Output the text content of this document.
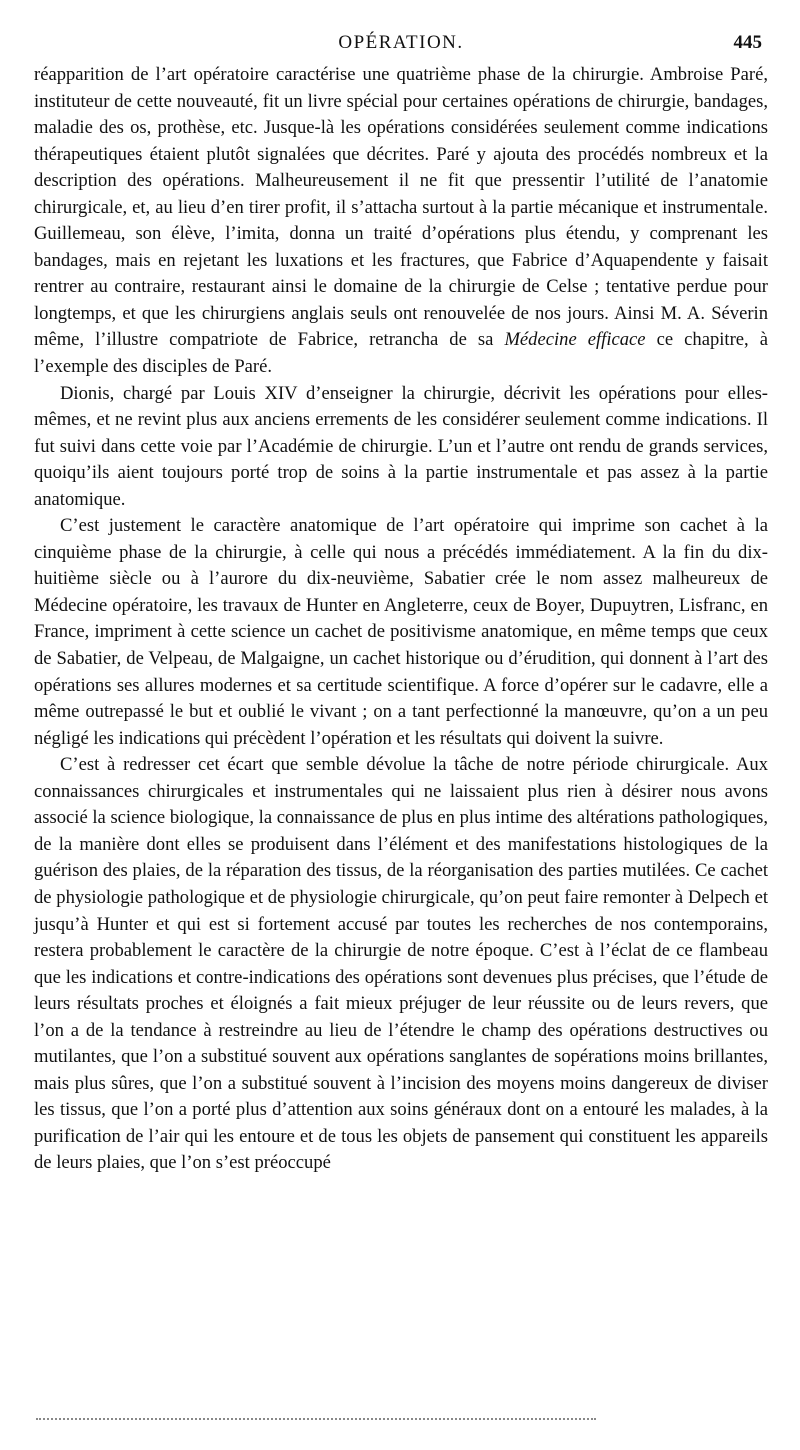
OPÉRATION.	445

réapparition de l’art opératoire caractérise une quatrième phase de la chirurgie. Ambroise Paré, instituteur de cette nouveauté, fit un livre spécial pour certaines opérations de chirurgie, bandages, maladie des os, prothèse, etc. Jusque-là les opérations considérées seulement comme indications thérapeutiques étaient plutôt signalées que décrites. Paré y ajouta des procédés nombreux et la description des opérations. Malheureusement il ne fit que pressentir l’utilité de l’anatomie chirurgicale, et, au lieu d’en tirer profit, il s’attacha surtout à la partie mécanique et instrumentale. Guillemeau, son élève, l’imita, donna un traité d’opérations plus étendu, y comprenant les bandages, mais en rejetant les luxations et les fractures, que Fabrice d’Aquapendente y faisait rentrer au contraire, restaurant ainsi le domaine de la chirurgie de Celse ; tentative perdue pour longtemps, et que les chirurgiens anglais seuls ont renouvelée de nos jours. Ainsi M. A. Séverin même, l’illustre compatriote de Fabrice, retrancha de sa Médecine efficace ce chapitre, à l’exemple des disciples de Paré.

Dionis, chargé par Louis XIV d’enseigner la chirurgie, décrivit les opérations pour elles-mêmes, et ne revint plus aux anciens errements de les considérer seulement comme indications. Il fut suivi dans cette voie par l’Académie de chirurgie. L’un et l’autre ont rendu de grands services, quoiqu’ils aient toujours porté trop de soins à la partie instrumentale et pas assez à la partie anatomique.

C’est justement le caractère anatomique de l’art opératoire qui imprime son cachet à la cinquième phase de la chirurgie, à celle qui nous a précédés immédiatement. A la fin du dix-huitième siècle ou à l’aurore du dix-neuvième, Sabatier crée le nom assez malheureux de Médecine opératoire, les travaux de Hunter en Angleterre, ceux de Boyer, Dupuytren, Lisfranc, en France, impriment à cette science un cachet de positivisme anatomique, en même temps que ceux de Sabatier, de Velpeau, de Malgaigne, un cachet historique ou d’érudition, qui donnent à l’art des opérations ses allures modernes et sa certitude scientifique. A force d’opérer sur le cadavre, elle a même outrepassé le but et oublié le vivant ; on a tant perfectionné la manœuvre, qu’on a un peu négligé les indications qui précèdent l’opération et les résultats qui doivent la suivre.

C’est à redresser cet écart que semble dévolue la tâche de notre période chirurgicale. Aux connaissances chirurgicales et instrumentales qui ne laissaient plus rien à désirer nous avons associé la science biologique, la connaissance de plus en plus intime des altérations pathologiques, de la manière dont elles se produisent dans l’élément et des manifestations histologiques de la guérison des plaies, de la réparation des tissus, de la réorganisation des parties mutilées. Ce cachet de physiologie pathologique et de physiologie chirurgicale, qu’on peut faire remonter à Delpech et jusqu’à Hunter et qui est si fortement accusé par toutes les recherches de nos contemporains, restera probablement le caractère de la chirurgie de notre époque. C’est à l’éclat de ce flambeau que les indications et contre-indications des opérations sont devenues plus précises, que l’étude de leurs résultats proches et éloignés a fait mieux préjuger de leur réussite ou de leurs revers, que l’on a de la tendance à restreindre au lieu de l’étendre le champ des opérations destructives ou mutilantes, que l’on a substitué souvent aux opérations sanglantes de sopérations moins brillantes, mais plus sûres, que l’on a substitué souvent à l’incision des moyens moins dangereux de diviser les tissus, que l’on a porté plus d’attention aux soins généraux dont on a entouré les malades, à la purification de l’air qui les entoure et de tous les objets de pansement qui constituent les appareils de leurs plaies, que l’on s’est préoccupé
